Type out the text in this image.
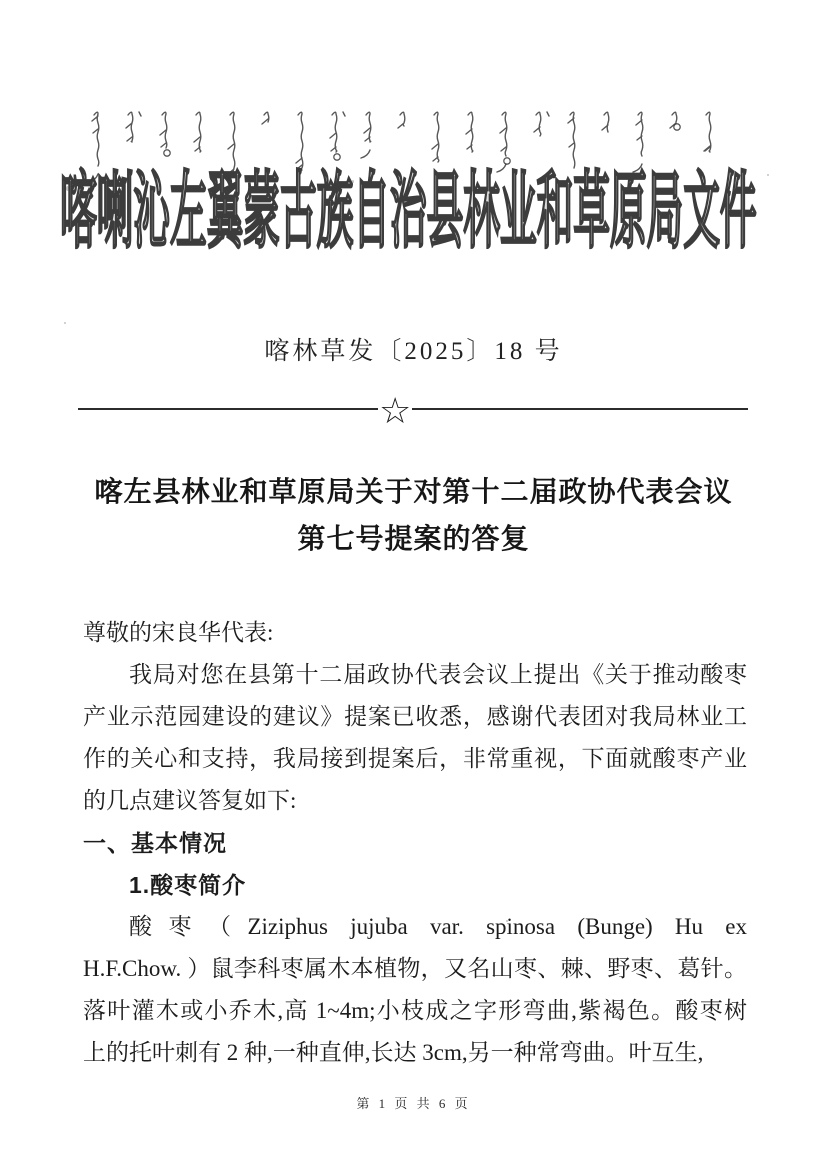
喀喇沁左翼蒙古族自治县林业和草原局文件
喀林草发〔2025〕18 号
☆
喀左县林业和草原局关于对第十二届政协代表会议
第七号提案的答复
尊敬的宋良华代表:
我局对您在县第十二届政协代表会议上提出《关于推动酸枣
产业示范园建设的建议》提案已收悉，感谢代表团对我局林业工
作的关心和支持，我局接到提案后，非常重视，下面就酸枣产业
的几点建议答复如下:
一、基本情况
1.酸枣简介
酸枣（Ziziphus jujuba var. spinosa (Bunge) Hu ex
H.F.Chow. ）鼠李科枣属木本植物，又名山枣、棘、野枣、葛针。
落叶灌木或小乔木,高 1~4m;小枝成之字形弯曲,紫褐色。酸枣树
上的托叶刺有 2 种,一种直伸,长达 3cm,另一种常弯曲。叶互生,
第 1 页 共 6 页
